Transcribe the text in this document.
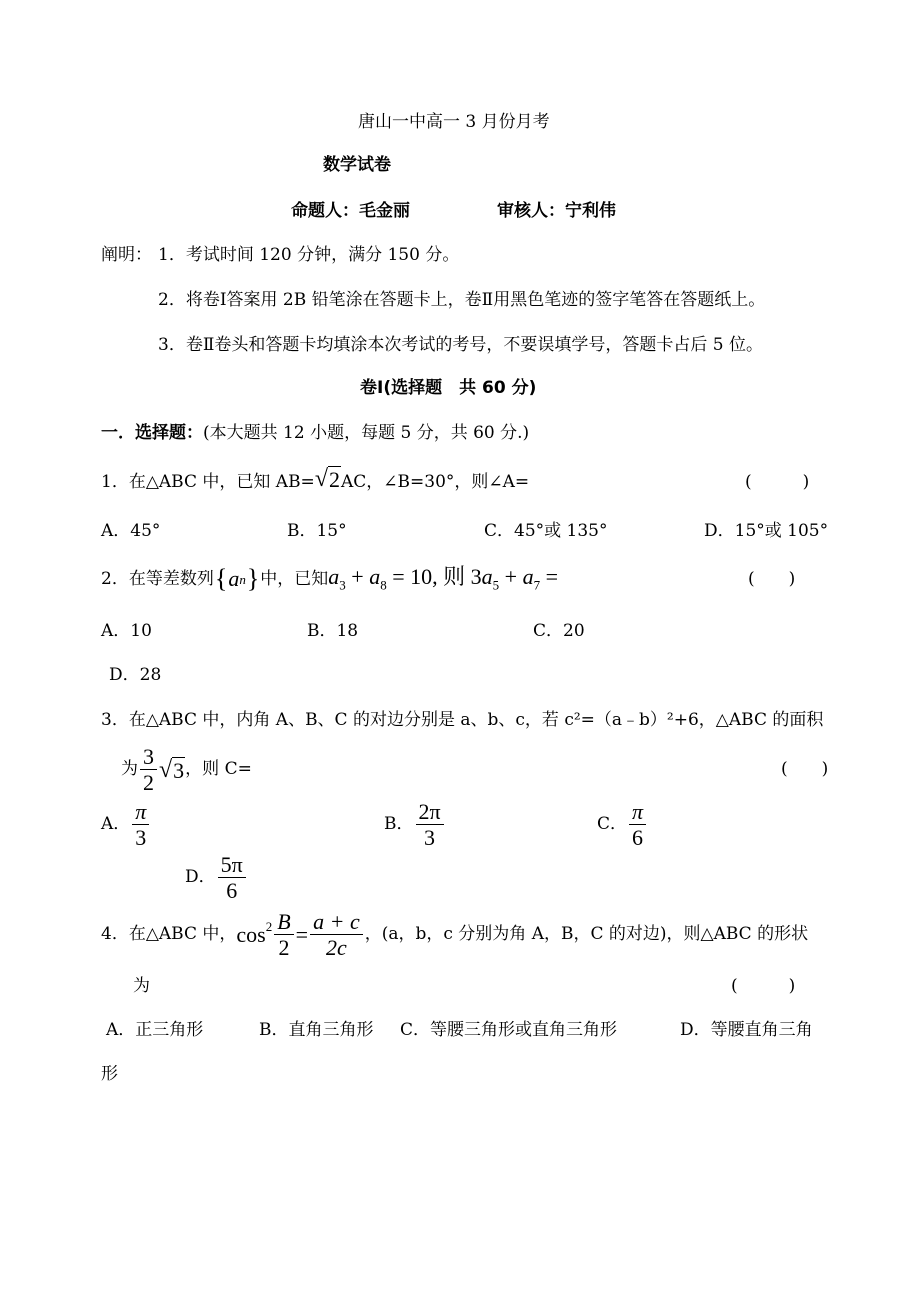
唐山一中高一 3 月份月考
数学试卷
命题人：毛金丽	审核人：宁利伟
阐明： 1．考试时间 120 分钟，满分 150 分。
2．将卷Ⅰ答案用 2B 铅笔涂在答题卡上，卷Ⅱ用黑色笔迹的签字笔答在答题纸上。
3．卷Ⅱ卷头和答题卡均填涂本次考试的考号，不要误填学号，答题卡占后 5 位。
卷Ⅰ(选择题　共 60 分)
一．选择题：(本大题共 12 小题，每题 5 分，共 60 分.)
1．在△ABC 中，已知 AB= √ 2 AC，∠B=30°，则∠A=	(　　　)
A．45°	B．15°	C．45°或 135°	D．15°或 105°
2．在等差数列 { a n } 中，已知 $a_3 + a_8 = 10$, 则 $3a_5 + a_7$ =	(　　)
A．10	B．18	C．20
D．28
3．在△ABC 中，内角 A、B、C 的对边分别是 a、b、c，若 c²=（a﹣b）²+6，△ABC 的面积
为 $\frac{3}{2}$ √ 3 ，则 C=	(　　)
A． $\frac{\pi}{3}$	B． $\frac{2\pi}{3}$	C． $\frac{\pi}{6}$
D． $\frac{5\pi}{6}$
4．在△ABC 中， $\cos^2 \frac{B}{2} = \frac{a + c}{2c}$ ，(a，b，c 分别为角 A，B，C 的对边)，则△ABC 的形状
为	(　　　)
A．正三角形	B．直角三角形 C．等腰三角形或直角三角形	D．等腰直角三角
形
